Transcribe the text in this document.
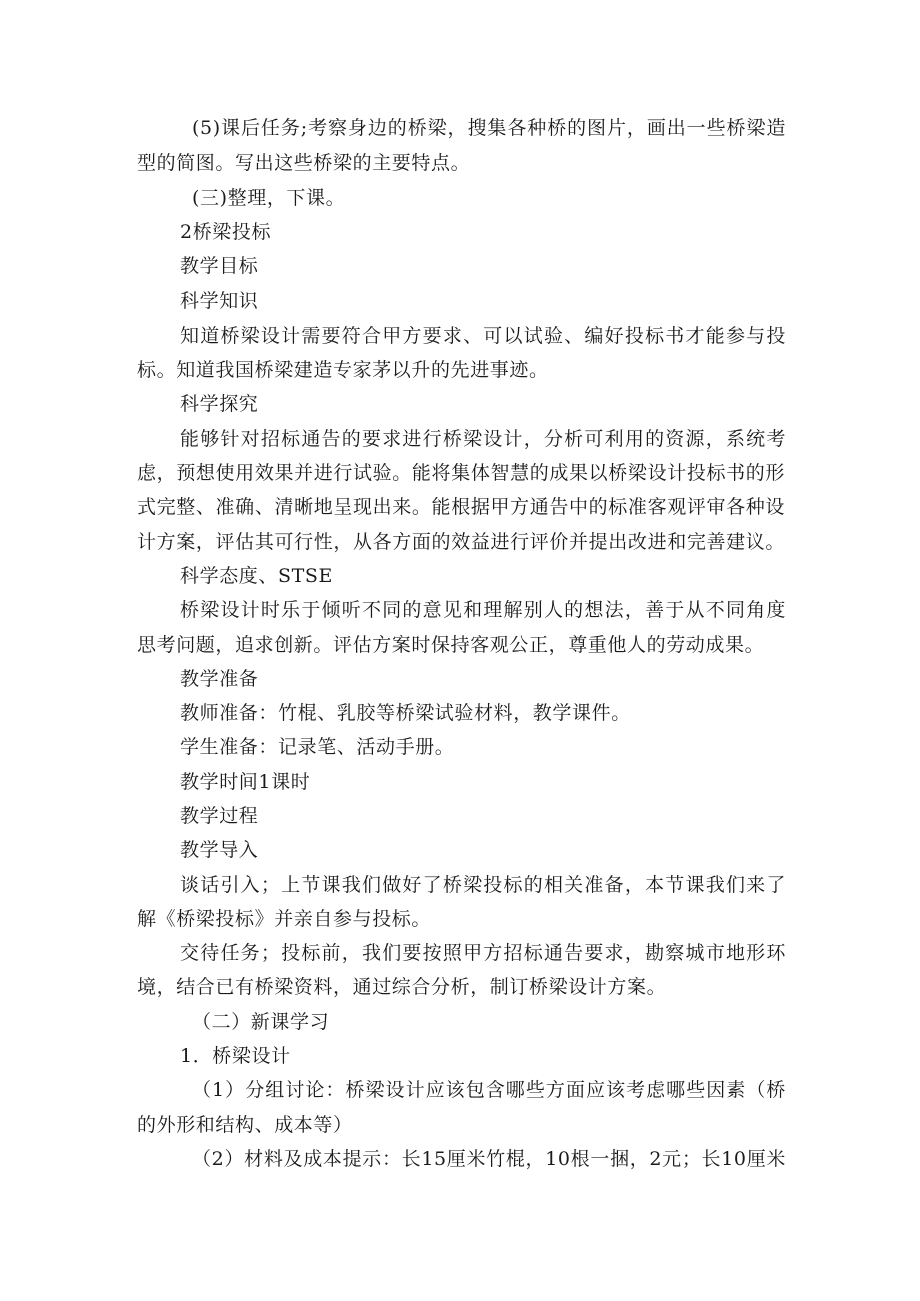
(5)课后任务;考察身边的桥梁，搜集各种桥的图片，画出一些桥梁造
型的简图。写出这些桥梁的主要特点。
(三)整理，下课。
2桥梁投标
教学目标
科学知识
知道桥梁设计需要符合甲方要求、可以试验、编好投标书才能参与投
标。知道我国桥梁建造专家茅以升的先进事迹。
科学探究
能够针对招标通告的要求进行桥梁设计，分析可利用的资源，系统考
虑，预想使用效果并进行试验。能将集体智慧的成果以桥梁设计投标书的形
式完整、准确、清晰地呈现出来。能根据甲方通告中的标准客观评审各种设
计方案，评估其可行性，从各方面的效益进行评价并提出改进和完善建议。
科学态度、STSE
桥梁设计时乐于倾听不同的意见和理解别人的想法，善于从不同角度
思考问题，追求创新。评估方案时保持客观公正，尊重他人的劳动成果。
教学准备
教师准备：竹棍、乳胶等桥梁试验材料，教学课件。
学生准备：记录笔、活动手册。
教学时间1课时
教学过程
教学导入
谈话引入；上节课我们做好了桥梁投标的相关准备，本节课我们来了
解《桥梁投标》并亲自参与投标。
交待任务；投标前，我们要按照甲方招标通告要求，勘察城市地形环
境，结合已有桥梁资料，通过综合分析，制订桥梁设计方案。
（二）新课学习
1．桥梁设计
（1）分组讨论：桥梁设计应该包含哪些方面应该考虑哪些因素（桥
的外形和结构、成本等）
（2）材料及成本提示：长15厘米竹棍，10根一捆，2元；长10厘米
